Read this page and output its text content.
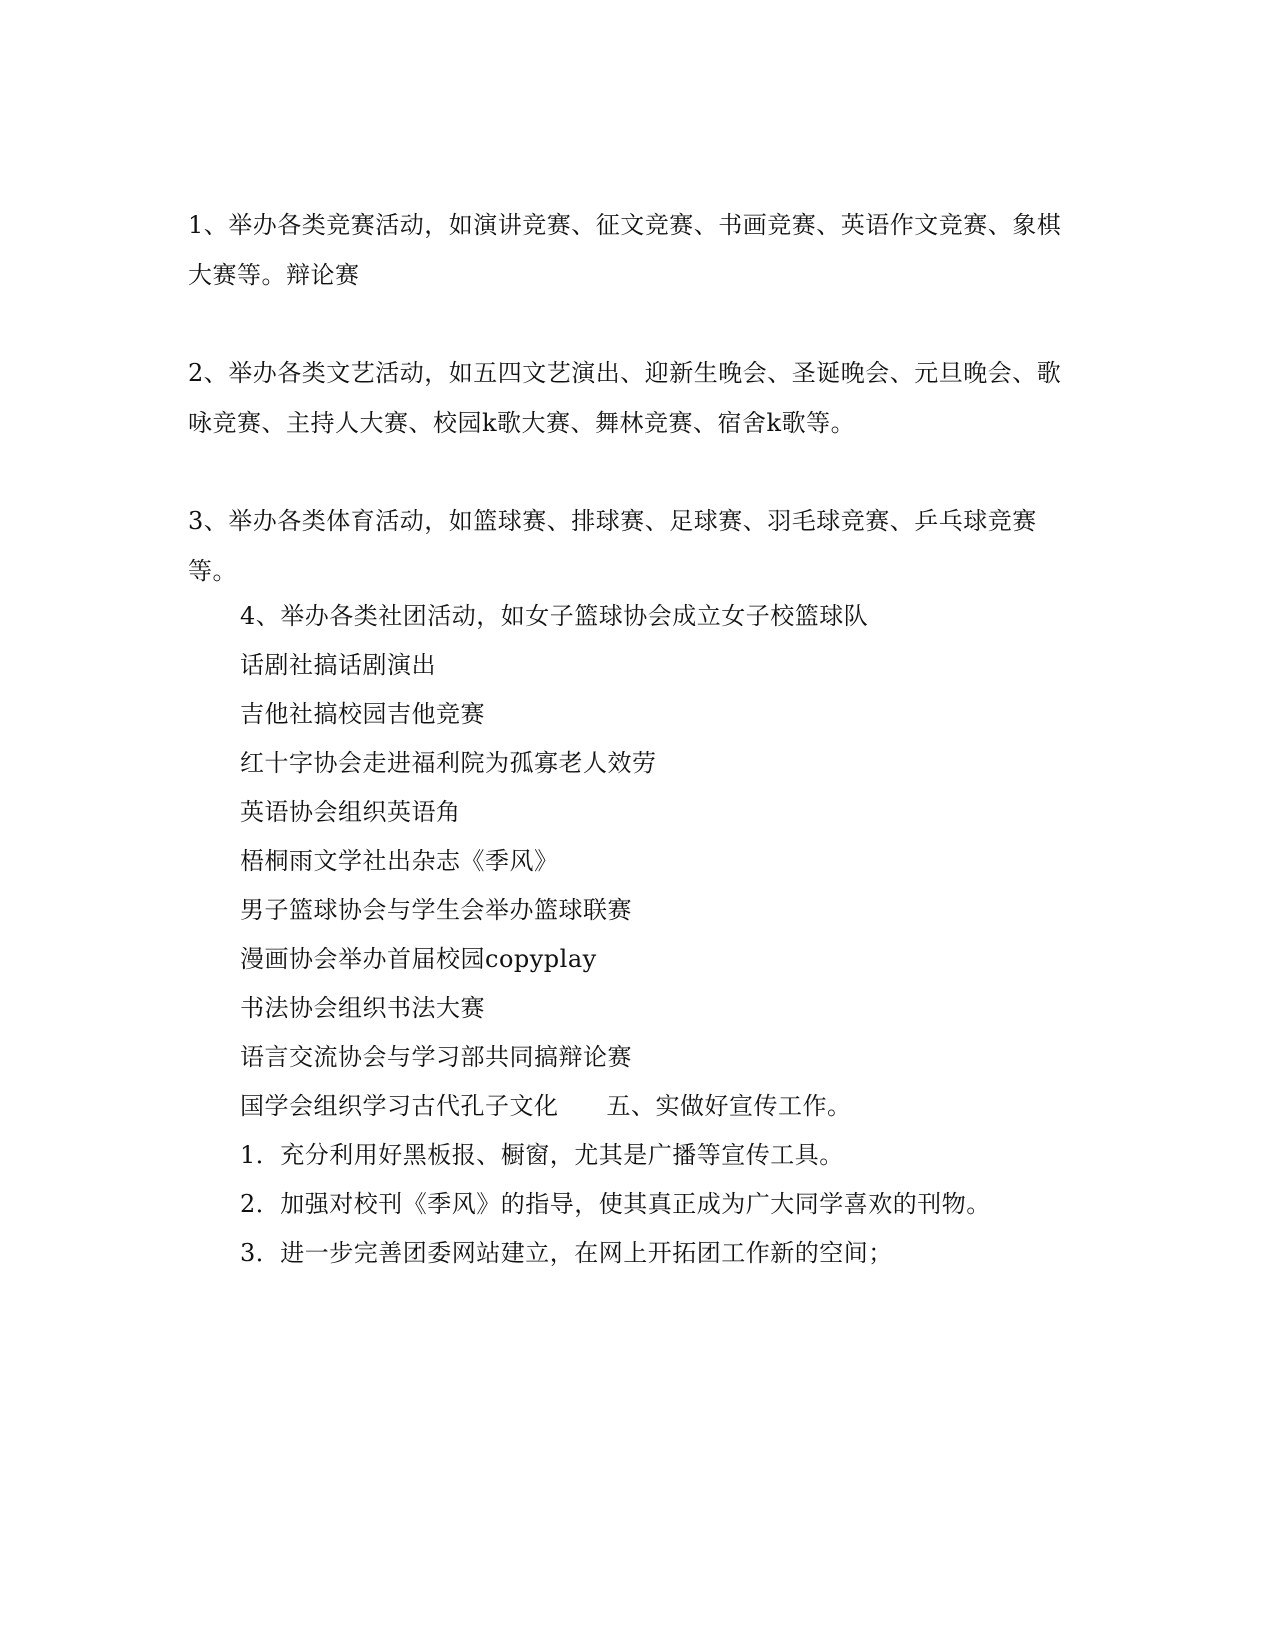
1、举办各类竞赛活动，如演讲竞赛、征文竞赛、书画竞赛、英语作文竞赛、象棋大赛等。辩论赛

2、举办各类文艺活动，如五四文艺演出、迎新生晚会、圣诞晚会、元旦晚会、歌咏竞赛、主持人大赛、校园k歌大赛、舞林竞赛、宿舍k歌等。

3、举办各类体育活动，如篮球赛、排球赛、足球赛、羽毛球竞赛、乒乓球竞赛等。

4、举办各类社团活动，如女子篮球协会成立女子校篮球队
话剧社搞话剧演出
吉他社搞校园吉他竞赛
红十字协会走进福利院为孤寡老人效劳
英语协会组织英语角
梧桐雨文学社出杂志《季风》
男子篮球协会与学生会举办篮球联赛
漫画协会举办首届校园copyplay
书法协会组织书法大赛
语言交流协会与学习部共同搞辩论赛
国学会组织学习古代孔子文化 五、实做好宣传工作。
1．充分利用好黑板报、橱窗，尤其是广播等宣传工具。
2．加强对校刊《季风》的指导，使其真正成为广大同学喜欢的刊物。
3．进一步完善团委网站建立，在网上开拓团工作新的空间；
